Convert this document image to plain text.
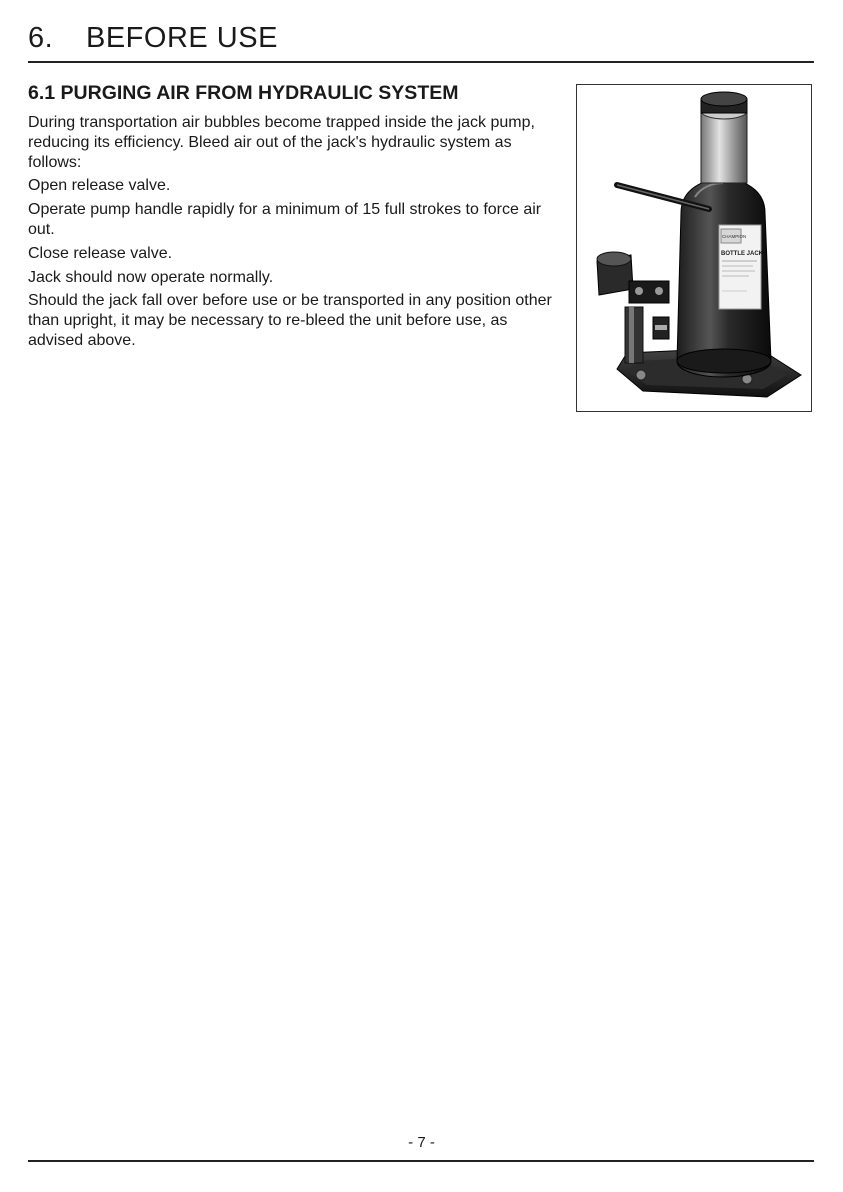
6. BEFORE USE
6.1 PURGING AIR FROM HYDRAULIC SYSTEM

During transportation air bubbles become trapped inside the jack pump, reducing its efficiency. Bleed air out of the jack's hydraulic system as follows:

Open release valve.

Operate pump handle rapidly for a minimum of 15 full strokes to force air out.

Close release valve.

Jack should now operate normally.

Should the jack fall over before use or be transported in any position other than upright, it may be necessary to re-bleed the unit before use, as advised above.

CHAMPION
BOTTLE JACK
- 7 -
